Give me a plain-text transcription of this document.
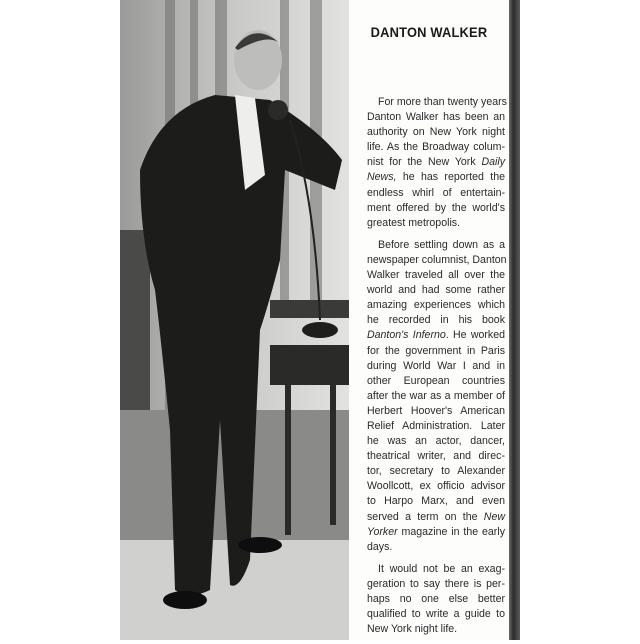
DANTON WALKER
For more than twenty years
Danton Walker has been an
authority on New York night
life. As the Broadway colum-
nist for the New York Daily
News, he has reported the
endless whirl of entertain-
ment offered by the world's
greatest metropolis.
Before settling down as a
newspaper columnist, Danton
Walker traveled all over the
world and had some rather
amazing experiences which
he recorded in his book
Danton's Inferno. He worked
for the government in Paris
during World War I and in
other European countries
after the war as a member of
Herbert Hoover's American
Relief Administration. Later
he was an actor, dancer,
theatrical writer, and direc-
tor, secretary to Alexander
Woollcott, ex officio advisor
to Harpo Marx, and even
served a term on the New
Yorker magazine in the early
days.
It would not be an exag-
geration to say there is per-
haps no one else better
qualified to write a guide to
New York night life.
